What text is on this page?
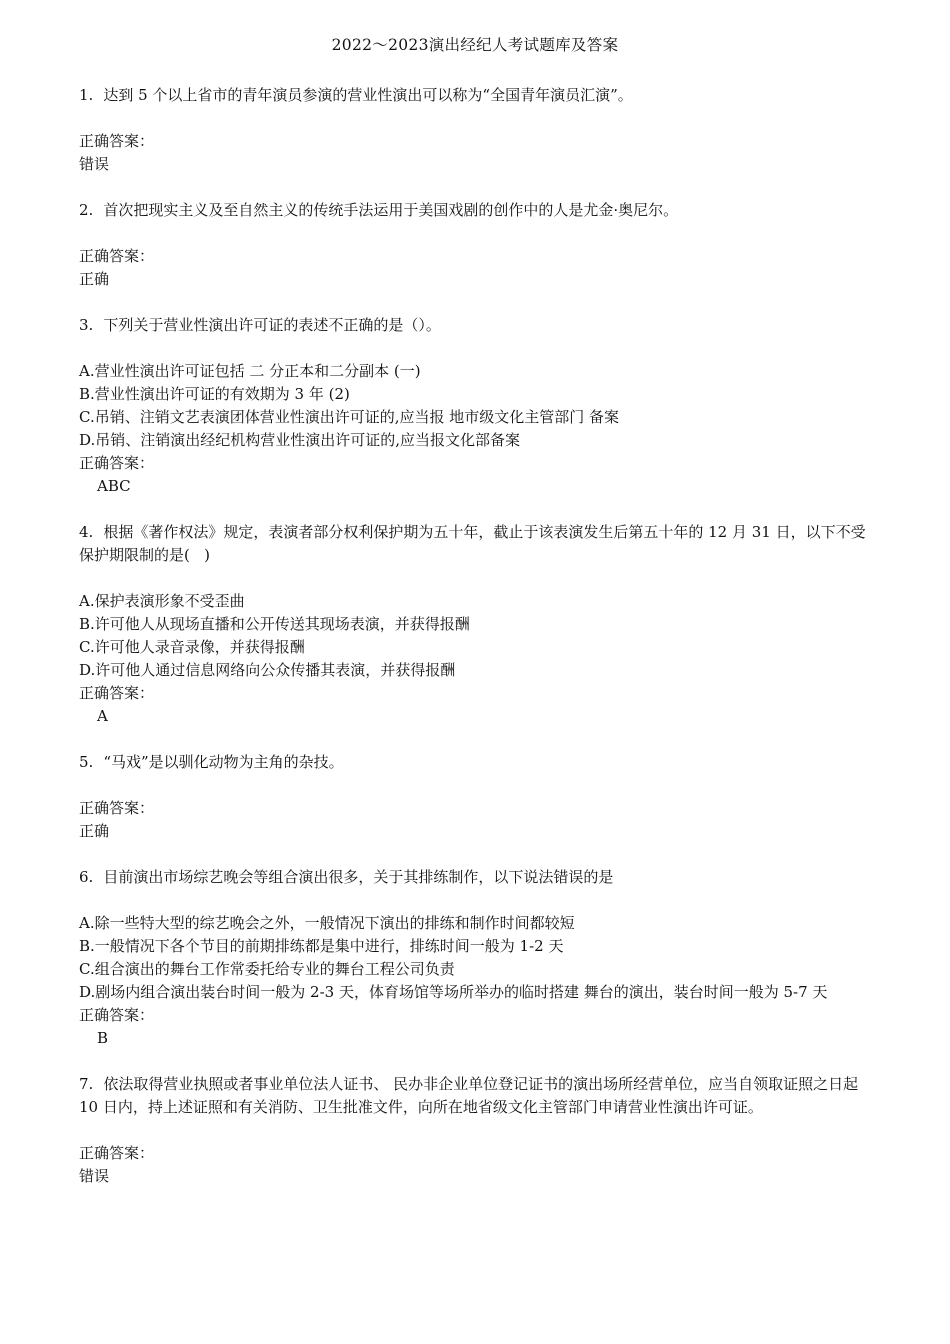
2022～2023演出经纪人考试题库及答案

1. 达到 5 个以上省市的青年演员参演的营业性演出可以称为“全国青年演员汇演”。

正确答案：

错误

2. 首次把现实主义及至自然主义的传统手法运用于美国戏剧的创作中的人是尤金·奥尼尔。

正确答案：

正确

3. 下列关于营业性演出许可证的表述不正确的是（）。

A.营业性演出许可证包括 二 分正本和二分副本 (一)

B.营业性演出许可证的有效期为 3 年 (2)

C.吊销、注销文艺表演团体营业性演出许可证的,应当报 地市级文化主管部门 备案

D.吊销、注销演出经纪机构营业性演出许可证的,应当报文化部备案

正确答案：

ABC

4. 根据《著作权法》规定，表演者部分权利保护期为五十年，截止于该表演发生后第五十年的 12 月 31 日，以下不受保护期限制的是(   )

A.保护表演形象不受歪曲

B.许可他人从现场直播和公开传送其现场表演，并获得报酬

C.许可他人录音录像，并获得报酬

D.许可他人通过信息网络向公众传播其表演，并获得报酬

正确答案：

A

5. “马戏”是以驯化动物为主角的杂技。

正确答案：

正确

6. 目前演出市场综艺晚会等组合演出很多，关于其排练制作，以下说法错误的是

A.除一些特大型的综艺晚会之外，一般情况下演出的排练和制作时间都较短

B.一般情况下各个节目的前期排练都是集中进行，排练时间一般为 1-2 天

C.组合演出的舞台工作常委托给专业的舞台工程公司负责

D.剧场内组合演出装台时间一般为 2-3 天，体育场馆等场所举办的临时搭建 舞台的演出，装台时间一般为 5-7 天

正确答案：

B

7. 依法取得营业执照或者事业单位法人证书、 民办非企业单位登记证书的演出场所经营单位，应当自领取证照之日起 10 日内，持上述证照和有关消防、卫生批准文件，向所在地省级文化主管部门申请营业性演出许可证。

正确答案：

错误
